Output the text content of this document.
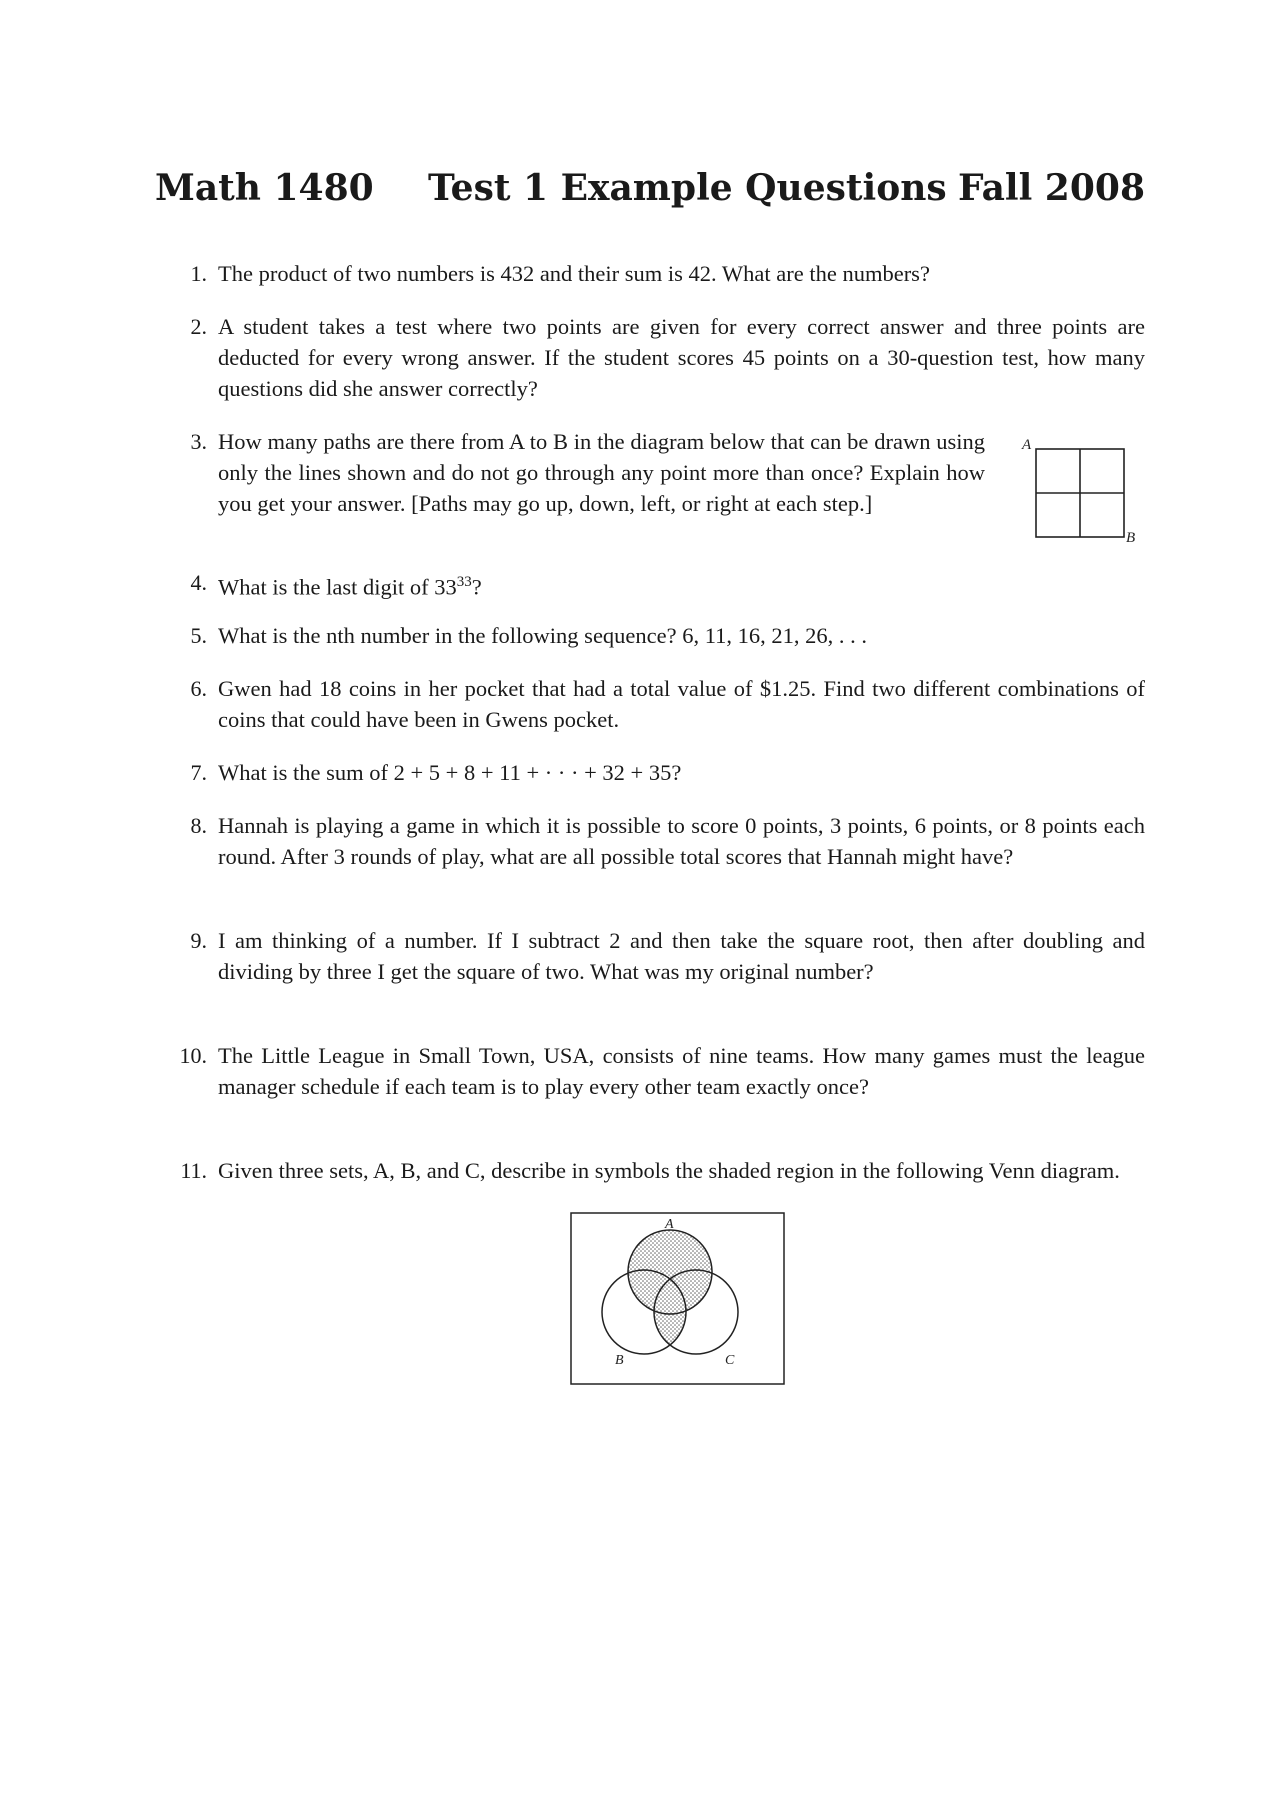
Math 1480 Test 1 Example Questions Fall 2008
1. The product of two numbers is 432 and their sum is 42. What are the numbers?
2. A student takes a test where two points are given for every correct answer and three points are deducted for every wrong answer. If the student scores 45 points on a 30-question test, how many questions did she answer correctly?
3. How many paths are there from A to B in the diagram below that can be drawn using only the lines shown and do not go through any point more than once? Explain how you get your answer. [Paths may go up, down, left, or right at each step.]
A
B
4. What is the last digit of $33^{33}$?
5. What is the nth number in the following sequence? 6, 11, 16, 21, 26, . . .
6. Gwen had 18 coins in her pocket that had a total value of $1.25. Find two different combinations of coins that could have been in Gwens pocket.
7. What is the sum of 2 + 5 + 8 + 11 + · · · + 32 + 35?
8. Hannah is playing a game in which it is possible to score 0 points, 3 points, 6 points, or 8 points each round. After 3 rounds of play, what are all possible total scores that Hannah might have?
9. I am thinking of a number. If I subtract 2 and then take the square root, then after doubling and dividing by three I get the square of two. What was my original number?
10. The Little League in Small Town, USA, consists of nine teams. How many games must the league manager schedule if each team is to play every other team exactly once?
11. Given three sets, A, B, and C, describe in symbols the shaded region in the following Venn diagram.
A
B	C
